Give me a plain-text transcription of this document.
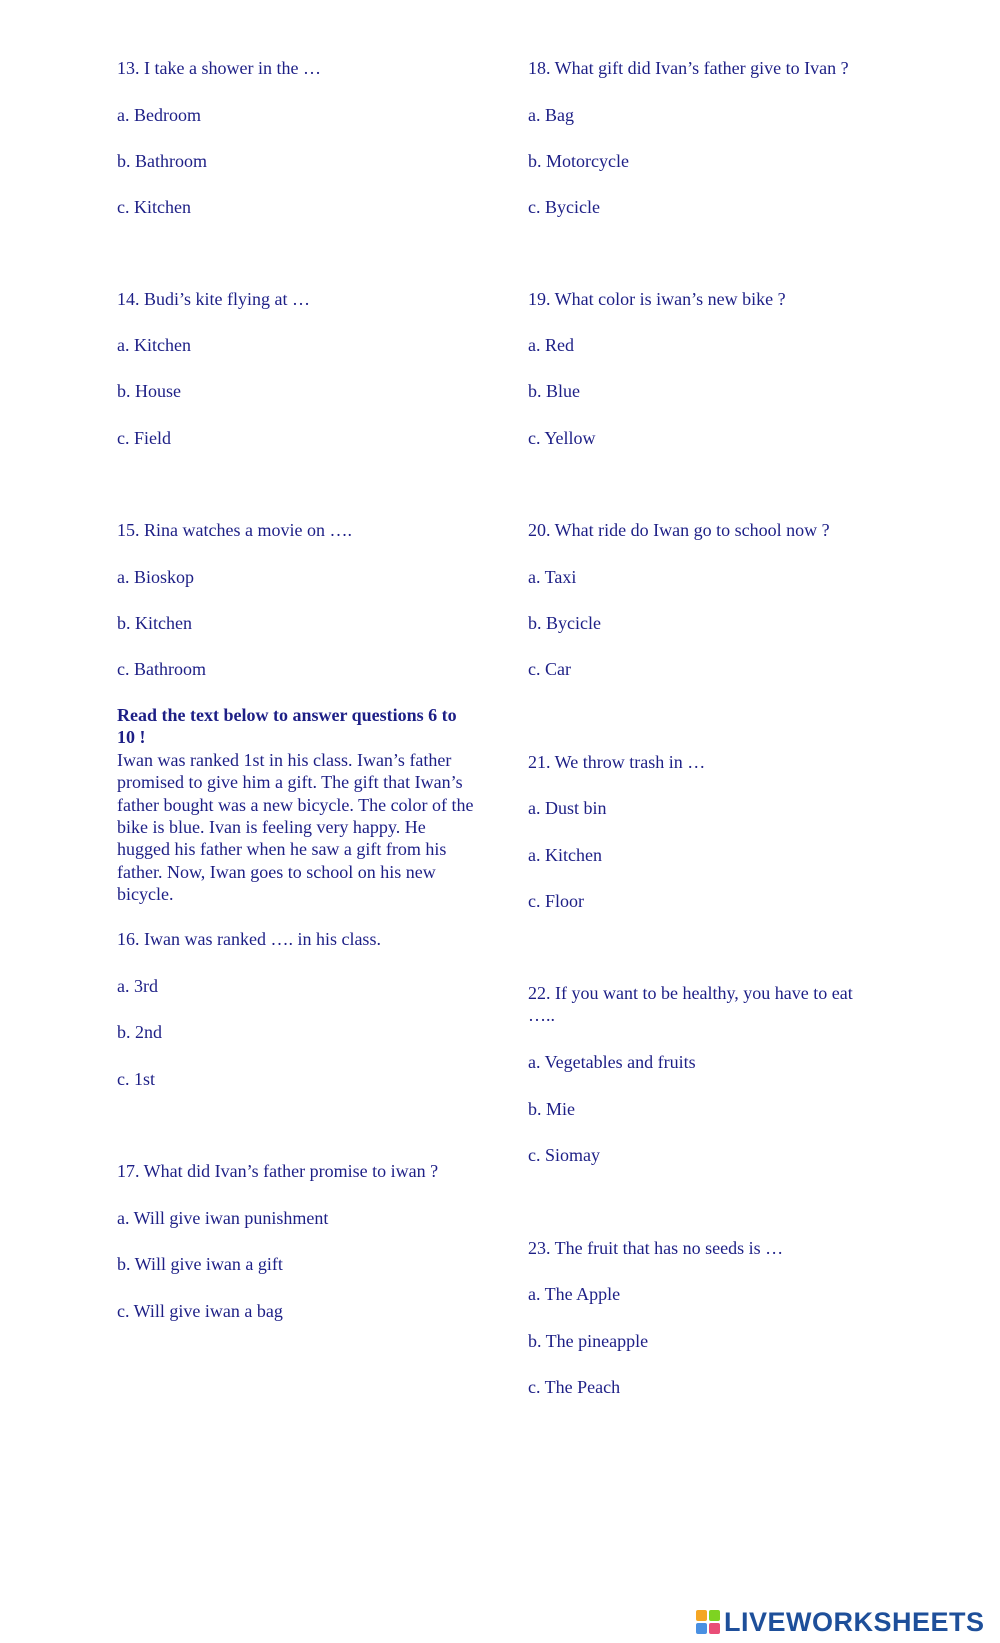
13. I take a shower in the …
a. Bedroom
b. Bathroom
c. Kitchen
14. Budi’s kite flying at …
a. Kitchen
b. House
c. Field
15. Rina watches a movie on ….
a. Bioskop
b. Kitchen
c. Bathroom
Read the text below to answer questions 6 to 10 !
Iwan was ranked 1st in his class. Iwan’s father promised to give him a gift. The gift that Iwan’s father bought was a new bicycle. The color of the bike is blue. Ivan is feeling very happy. He hugged his father when he saw a gift from his father. Now, Iwan goes to school on his new bicycle.
16. Iwan was ranked …. in his class.
a. 3rd
b. 2nd
c. 1st
17. What did Ivan’s father promise to iwan ?
a. Will give iwan punishment
b. Will give iwan a gift
c. Will give iwan a bag
18. What gift did Ivan’s father give to Ivan ?
a. Bag
b. Motorcycle
c. Bycicle
19. What color is iwan’s new bike ?
a. Red
b. Blue
c. Yellow
20. What ride do Iwan go to school now ?
a. Taxi
b. Bycicle
c. Car
21. We throw trash in …
a. Dust bin
a. Kitchen
c. Floor
22. If you want to be healthy, you have to eat …..
a. Vegetables and fruits
b. Mie
c. Siomay
23. The fruit that has no seeds is …
a. The Apple
b. The pineapple
c. The Peach
LIVEWORKSHEETS
